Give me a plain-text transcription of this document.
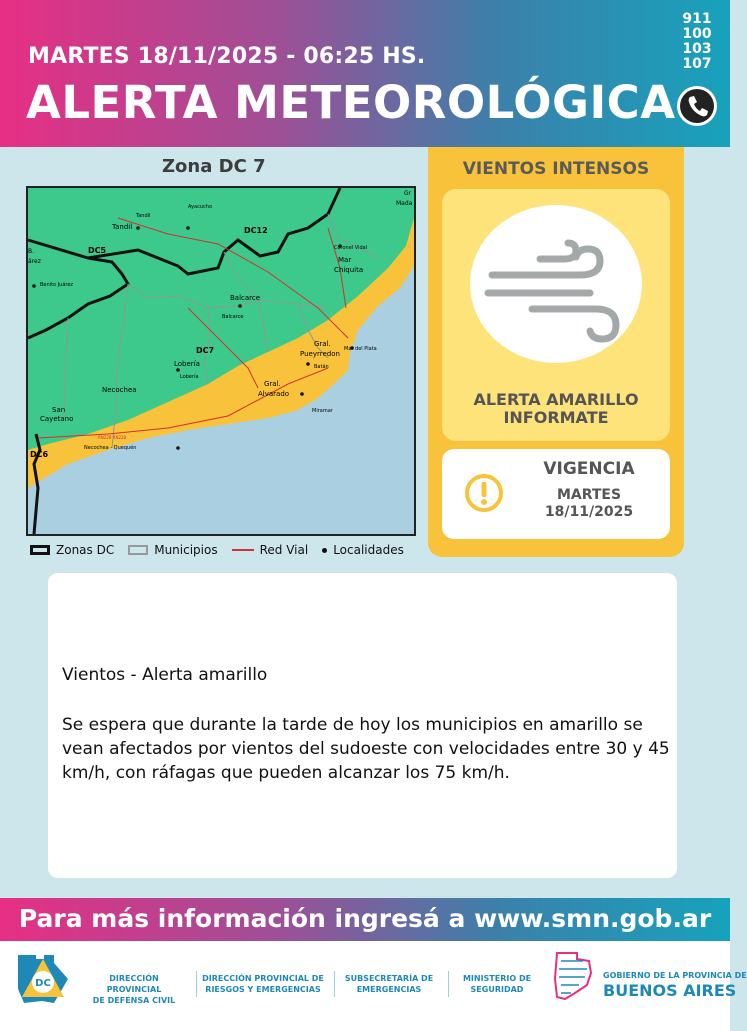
MARTES 18/11/2025 - 06:25 HS.
ALERTA METEOROLÓGICA
911
100
103
107
Zona DC 7
DC5
DC12
DC7
DC6
Tandil
Tandil
Ayacucho
Gr
Mada
B.
árez
Benito Juárez
Coronel Vidal
Mar
Chiquita
Balcarce
Balcarce
Mar del Plata
Gral.
Pueyrredon
Lobería
Lobería
Batán
Necochea
Gral.
Alvarado
San
Cayetano
Miramar
Necochea - Quequén
RN228 RN228
Zonas DC	Municipios	Red Vial Localidades
VIENTOS INTENSOS
ALERTA AMARILLO
INFORMATE
VIGENCIA
MARTES
18/11/2025
Vientos - Alerta amarillo
Se espera que durante la tarde de hoy los municipios en amarillo se vean afectados por vientos del sudoeste con velocidades entre 30 y 45 km/h, con ráfagas que pueden alcanzar los 75 km/h.
Para más información ingresá a www.smn.gob.ar
DC	DIRECCIÓN PROVINCIAL
DE DEFENSA CIVIL
DIRECCIÓN PROVINCIAL DE
RIESGOS Y EMERGENCIAS
SUBSECRETARÍA DE
EMERGENCIAS
MINISTERIO DE
SEGURIDAD
GOBIERNO DE LA PROVINCIA DE
BUENOS AIRES
